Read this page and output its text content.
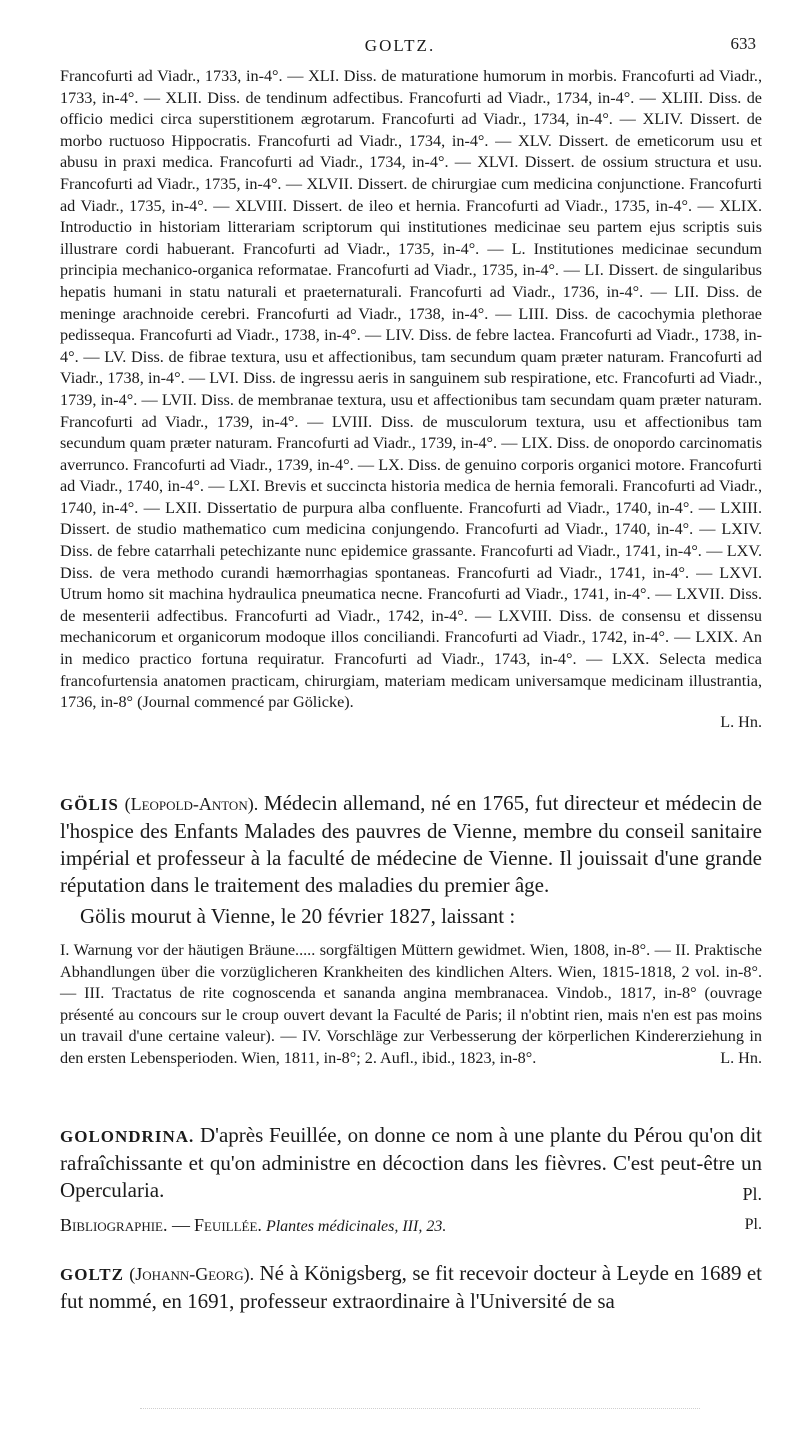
GOLTZ.	633
Francofurti ad Viadr., 1733, in-4°. — XLI. Diss. de maturatione humorum in morbis. Francofurti ad Viadr., 1733, in-4°. — XLII. Diss. de tendinum adfectibus. Francofurti ad Viadr., 1734, in-4°. — XLIII. Diss. de officio medici circa superstitionem ægrotarum. Francofurti ad Viadr., 1734, in-4°. — XLIV. Dissert. de morbo ructuoso Hippocratis. Francofurti ad Viadr., 1734, in-4°. — XLV. Dissert. de emeticorum usu et abusu in praxi medica. Francofurti ad Viadr., 1734, in-4°. — XLVI. Dissert. de ossium structura et usu. Francofurti ad Viadr., 1735, in-4°. — XLVII. Dissert. de chirurgiae cum medicina conjunctione. Francofurti ad Viadr., 1735, in-4°. — XLVIII. Dissert. de ileo et hernia. Francofurti ad Viadr., 1735, in-4°. — XLIX. Introductio in historiam litterariam scriptorum qui institutiones medicinae seu partem ejus scriptis suis illustrare cordi habuerant. Francofurti ad Viadr., 1735, in-4°. — L. Institutiones medicinae secundum principia mechanico-organica reformatae. Francofurti ad Viadr., 1735, in-4°. — LI. Dissert. de singularibus hepatis humani in statu naturali et praeternaturali. Francofurti ad Viadr., 1736, in-4°. — LII. Diss. de meninge arachnoide cerebri. Francofurti ad Viadr., 1738, in-4°. — LIII. Diss. de cacochymia plethorae pedissequa. Francofurti ad Viadr., 1738, in-4°. — LIV. Diss. de febre lactea. Francofurti ad Viadr., 1738, in-4°. — LV. Diss. de fibrae textura, usu et affectionibus, tam secundum quam præter naturam. Francofurti ad Viadr., 1738, in-4°. — LVI. Diss. de ingressu aeris in sanguinem sub respiratione, etc. Francofurti ad Viadr., 1739, in-4°. — LVII. Diss. de membranae textura, usu et affectionibus tam secundam quam præter naturam. Francofurti ad Viadr., 1739, in-4°. — LVIII. Diss. de musculorum textura, usu et affectionibus tam secundum quam præter naturam. Francofurti ad Viadr., 1739, in-4°. — LIX. Diss. de onopordo carcinomatis averrunco. Francofurti ad Viadr., 1739, in-4°. — LX. Diss. de genuino corporis organici motore. Francofurti ad Viadr., 1740, in-4°. — LXI. Brevis et succincta historia medica de hernia femorali. Francofurti ad Viadr., 1740, in-4°. — LXII. Dissertatio de purpura alba confluente. Francofurti ad Viadr., 1740, in-4°. — LXIII. Dissert. de studio mathematico cum medicina conjungendo. Francofurti ad Viadr., 1740, in-4°. — LXIV. Diss. de febre catarrhali petechizante nunc epidemice grassante. Francofurti ad Viadr., 1741, in-4°. — LXV. Diss. de vera methodo curandi hæmorrhagias spontaneas. Francofurti ad Viadr., 1741, in-4°. — LXVI. Utrum homo sit machina hydraulica pneumatica necne. Francofurti ad Viadr., 1741, in-4°. — LXVII. Diss. de mesenterii adfectibus. Francofurti ad Viadr., 1742, in-4°. — LXVIII. Diss. de consensu et dissensu mechanicorum et organicorum modoque illos conciliandi. Francofurti ad Viadr., 1742, in-4°. — LXIX. An in medico practico fortuna requiratur. Francofurti ad Viadr., 1743, in-4°. — LXX. Selecta medica francofurtensia anatomen practicam, chirurgiam, materiam medicam universamque medicinam illustrantia, 1736, in-8° (Journal commencé par Gölicke).
L. Hn.

GÖLIS (Leopold-Anton). Médecin allemand, né en 1765, fut directeur et médecin de l'hospice des Enfants Malades des pauvres de Vienne, membre du conseil sanitaire impérial et professeur à la faculté de médecine de Vienne. Il jouissait d'une grande réputation dans le traitement des maladies du premier âge.

Gölis mourut à Vienne, le 20 février 1827, laissant :

I. Warnung vor der häutigen Bräune..... sorgfältigen Müttern gewidmet. Wien, 1808, in-8°. — II. Praktische Abhandlungen über die vorzüglicheren Krankheiten des kindlichen Alters. Wien, 1815-1818, 2 vol. in-8°. — III. Tractatus de rite cognoscenda et sananda angina membranacea. Vindob., 1817, in-8° (ouvrage présenté au concours sur le croup ouvert devant la Faculté de Paris; il n'obtint rien, mais n'en est pas moins un travail d'une certaine valeur). — IV. Vorschläge zur Verbesserung der körperlichen Kindererziehung in den ersten Lebensperioden. Wien, 1811, in-8°; 2. Aufl., ibid., 1823, in-8°.	L. Hn.

GOLONDRINA. D'après Feuillée, on donne ce nom à une plante du Pérou qu'on dit rafraîchissante et qu'on administre en décoction dans les fièvres. C'est peut-être un Opercularia.	Pl.

Bibliographie. — Feuillée. Plantes médicinales, III, 23.	Pl.

GOLTZ (Johann-Georg). Né à Königsberg, se fit recevoir docteur à Leyde en 1689 et fut nommé, en 1691, professeur extraordinaire à l'Université de sa
